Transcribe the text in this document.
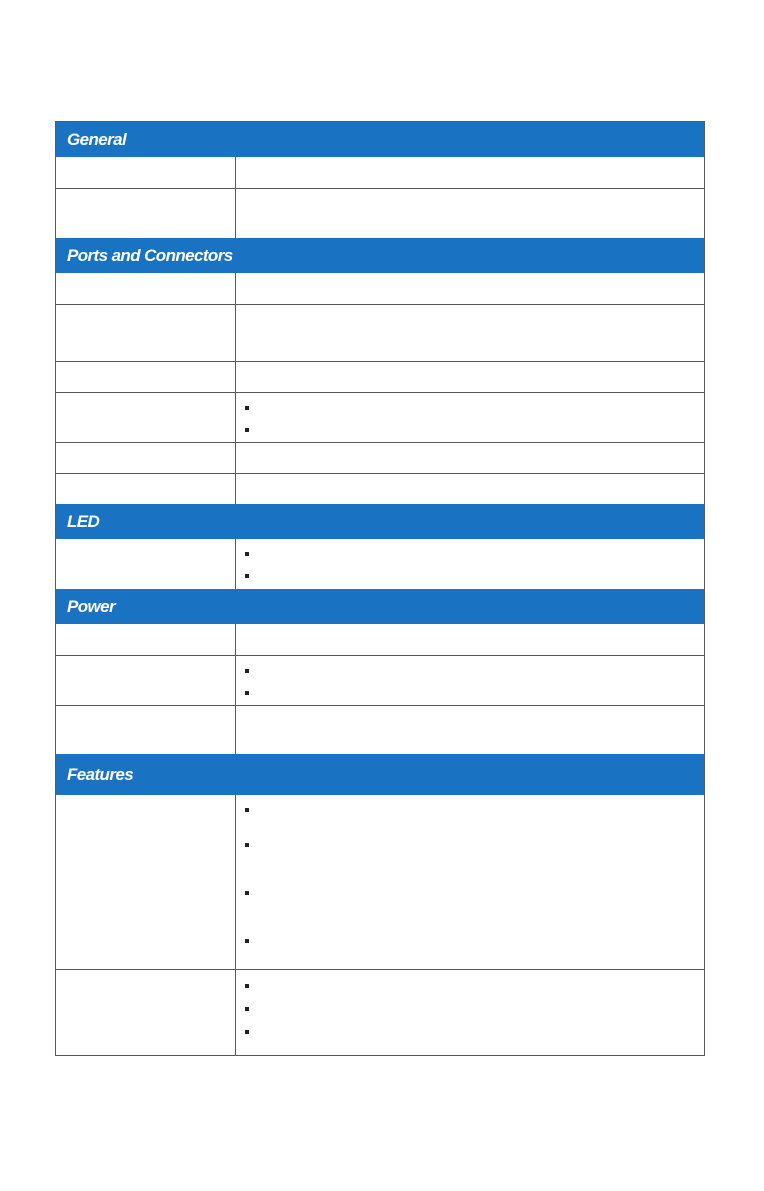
General
Ports and Connectors
LED
Power
Features
